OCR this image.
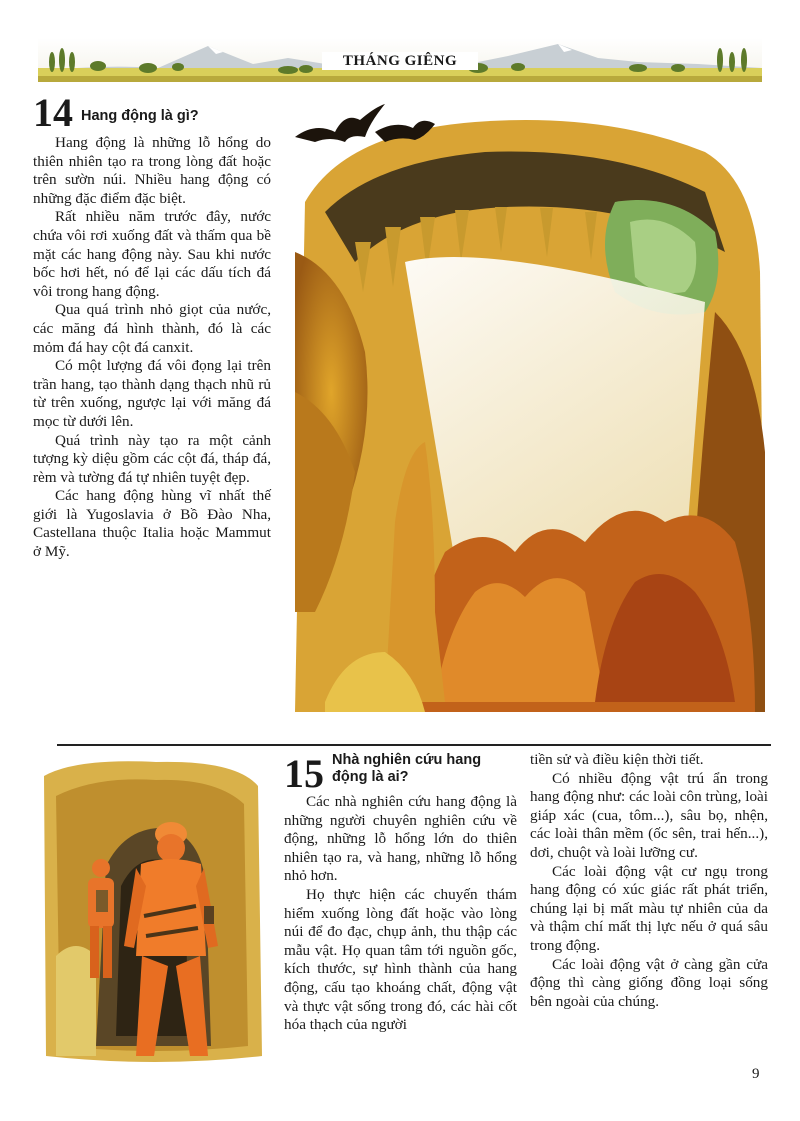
THÁNG GIÊNG
14 Hang động là gì?

Hang động là những lỗ hổng do thiên nhiên tạo ra trong lòng đất hoặc trên sườn núi. Nhiều hang động có những đặc điểm đặc biệt.

Rất nhiều năm trước đây, nước chứa vôi rơi xuống đất và thấm qua bề mặt các hang động này. Sau khi nước bốc hơi hết, nó để lại các dấu tích đá vôi trong hang động.

Qua quá trình nhỏ giọt của nước, các măng đá hình thành, đó là các mỏm đá hay cột đá canxit.

Có một lượng đá vôi đọng lại trên trần hang, tạo thành dạng thạch nhũ rủ từ trên xuống, ngược lại với măng đá mọc từ dưới lên.

Quá trình này tạo ra một cảnh tượng kỳ diệu gồm các cột đá, tháp đá, rèm và tường đá tự nhiên tuyệt đẹp.

Các hang động hùng vĩ nhất thế giới là Yugoslavia ở Bồ Đào Nha, Castellana thuộc Italia hoặc Mammut ở Mỹ.

15 Nhà nghiên cứu hang
động là ai?

Các nhà nghiên cứu hang động là những người chuyên nghiên cứu về động, những lỗ hổng lớn do thiên nhiên tạo ra, và hang, những lỗ hổng nhỏ hơn.

Họ thực hiện các chuyến thám hiểm xuống lòng đất hoặc vào lòng núi để đo đạc, chụp ảnh, thu thập các mẫu vật. Họ quan tâm tới nguồn gốc, kích thước, sự hình thành của hang động, cấu tạo khoáng chất, động vật và thực vật sống trong đó, các hài cốt hóa thạch của người

tiền sử và điều kiện thời tiết.

Có nhiều động vật trú ẩn trong hang động như: các loài côn trùng, loài giáp xác (cua, tôm...), sâu bọ, nhện, các loài thân mềm (ốc sên, trai hến...), dơi, chuột và loài lưỡng cư.

Các loài động vật cư ngụ trong hang động có xúc giác rất phát triển, chúng lại bị mất màu tự nhiên của da và thậm chí mất thị lực nếu ở quá sâu trong động.

Các loài động vật ở càng gần cửa động thì càng giống đồng loại sống bên ngoài của chúng.

9
